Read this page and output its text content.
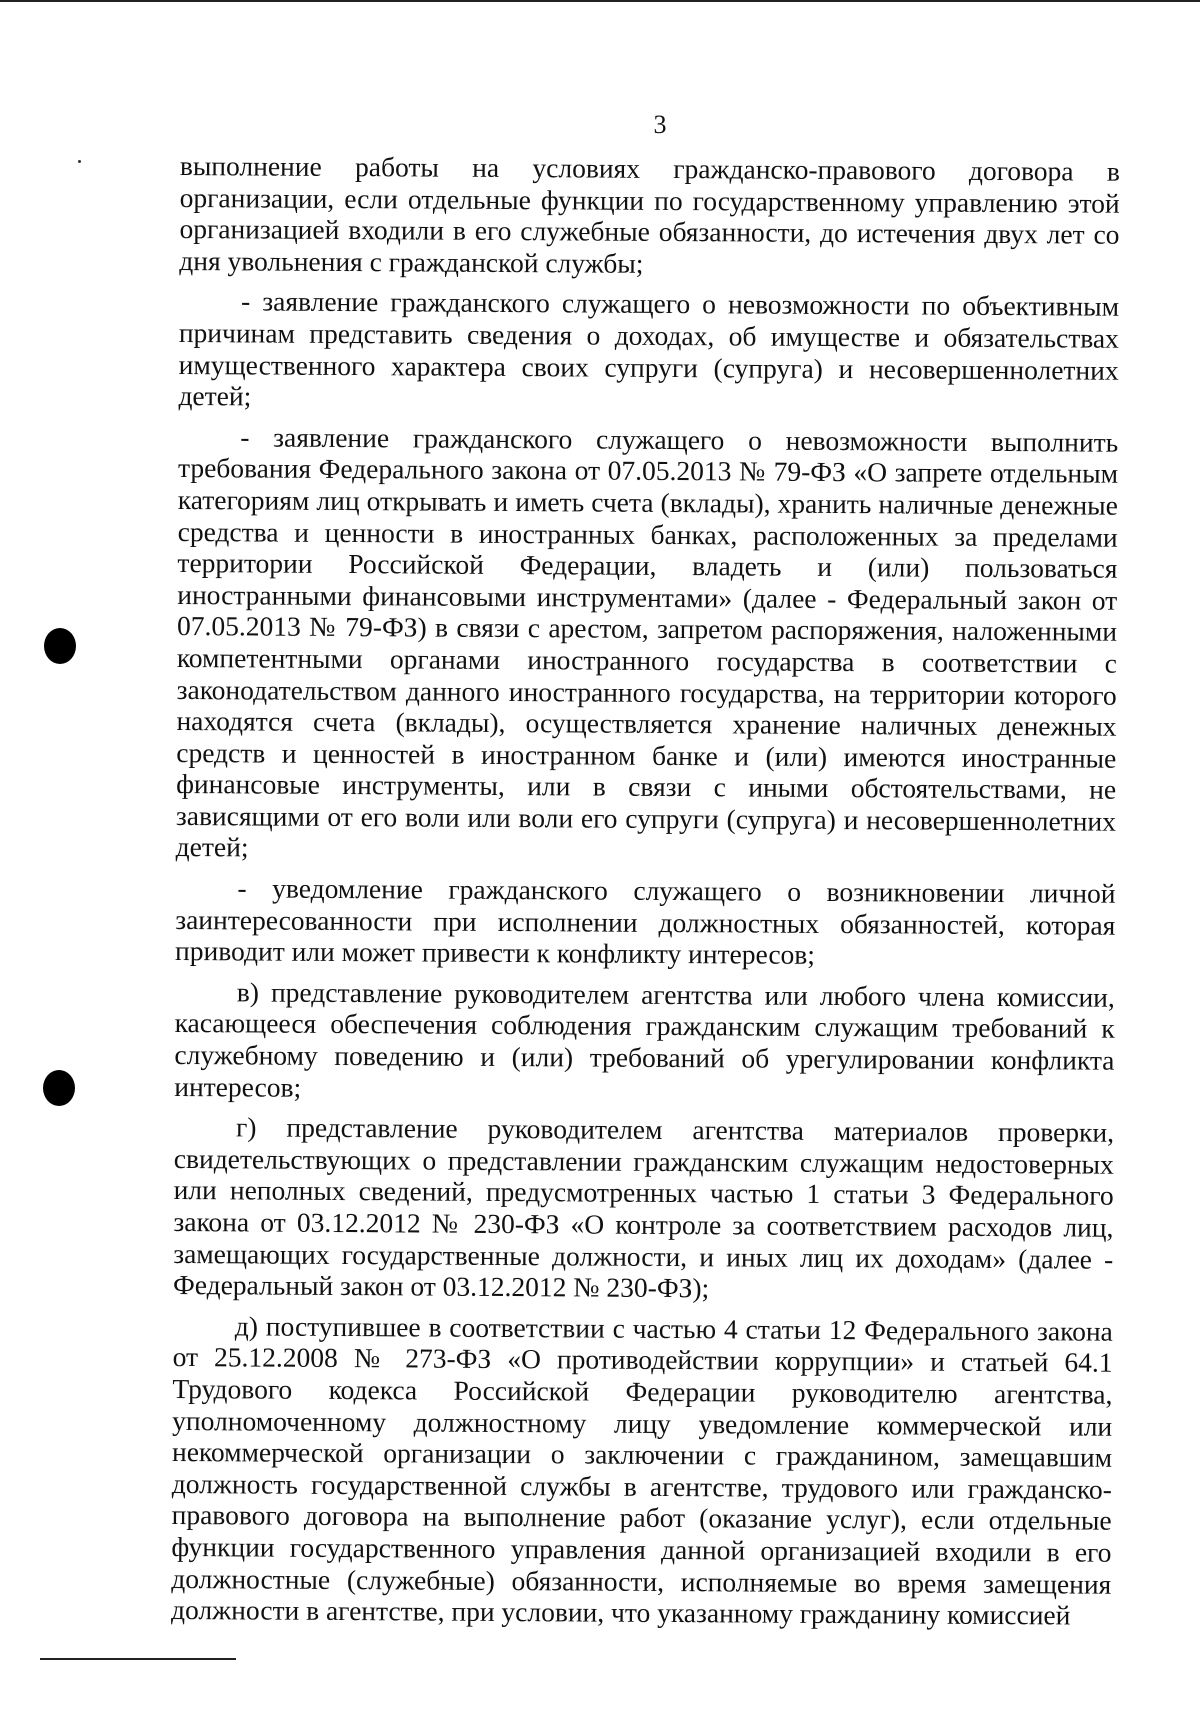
3

выполнение работы на условиях гражданско-правового договора в организации, если отдельные функции по государственному управлению этой организацией входили в его служебные обязанности, до истечения двух лет со дня увольнения с гражданской службы;

- заявление гражданского служащего о невозможности по объективным причинам представить сведения о доходах, об имуществе и обязательствах имущественного характера своих супруги (супруга) и несовершеннолетних детей;

- заявление гражданского служащего о невозможности выполнить требования Федерального закона от 07.05.2013 № 79-ФЗ «О запрете отдельным категориям лиц открывать и иметь счета (вклады), хранить наличные денежные средства и ценности в иностранных банках, расположенных за пределами территории Российской Федерации, владеть и (или) пользоваться иностранными финансовыми инструментами» (далее - Федеральный закон от 07.05.2013 № 79-ФЗ) в связи с арестом, запретом распоряжения, наложенными компетентными органами иностранного государства в соответствии с законодательством данного иностранного государства, на территории которого находятся счета (вклады), осуществляется хранение наличных денежных средств и ценностей в иностранном банке и (или) имеются иностранные финансовые инструменты, или в связи с иными обстоятельствами, не зависящими от его воли или воли его супруги (супруга) и несовершеннолетних детей;

- уведомление гражданского служащего о возникновении личной заинтересованности при исполнении должностных обязанностей, которая приводит или может привести к конфликту интересов;

в) представление руководителем агентства или любого члена комиссии, касающееся обеспечения соблюдения гражданским служащим требований к служебному поведению и (или) требований об урегулировании конфликта интересов;

г) представление руководителем агентства материалов проверки, свидетельствующих о представлении гражданским служащим недостоверных или неполных сведений, предусмотренных частью 1 статьи 3 Федерального закона от 03.12.2012 № 230-ФЗ «О контроле за соответствием расходов лиц, замещающих государственные должности, и иных лиц их доходам» (далее - Федеральный закон от 03.12.2012 № 230-ФЗ);

д) поступившее в соответствии с частью 4 статьи 12 Федерального закона от 25.12.2008 № 273-ФЗ «О противодействии коррупции» и статьей 64.1 Трудового кодекса Российской Федерации руководителю агентства, уполномоченному должностному лицу уведомление коммерческой или некоммерческой организации о заключении с гражданином, замещавшим должность государственной службы в агентстве, трудового или гражданско-правового договора на выполнение работ (оказание услуг), если отдельные функции государственного управления данной организацией входили в его должностные (служебные) обязанности, исполняемые во время замещения должности в агентстве, при условии, что указанному гражданину комиссией
